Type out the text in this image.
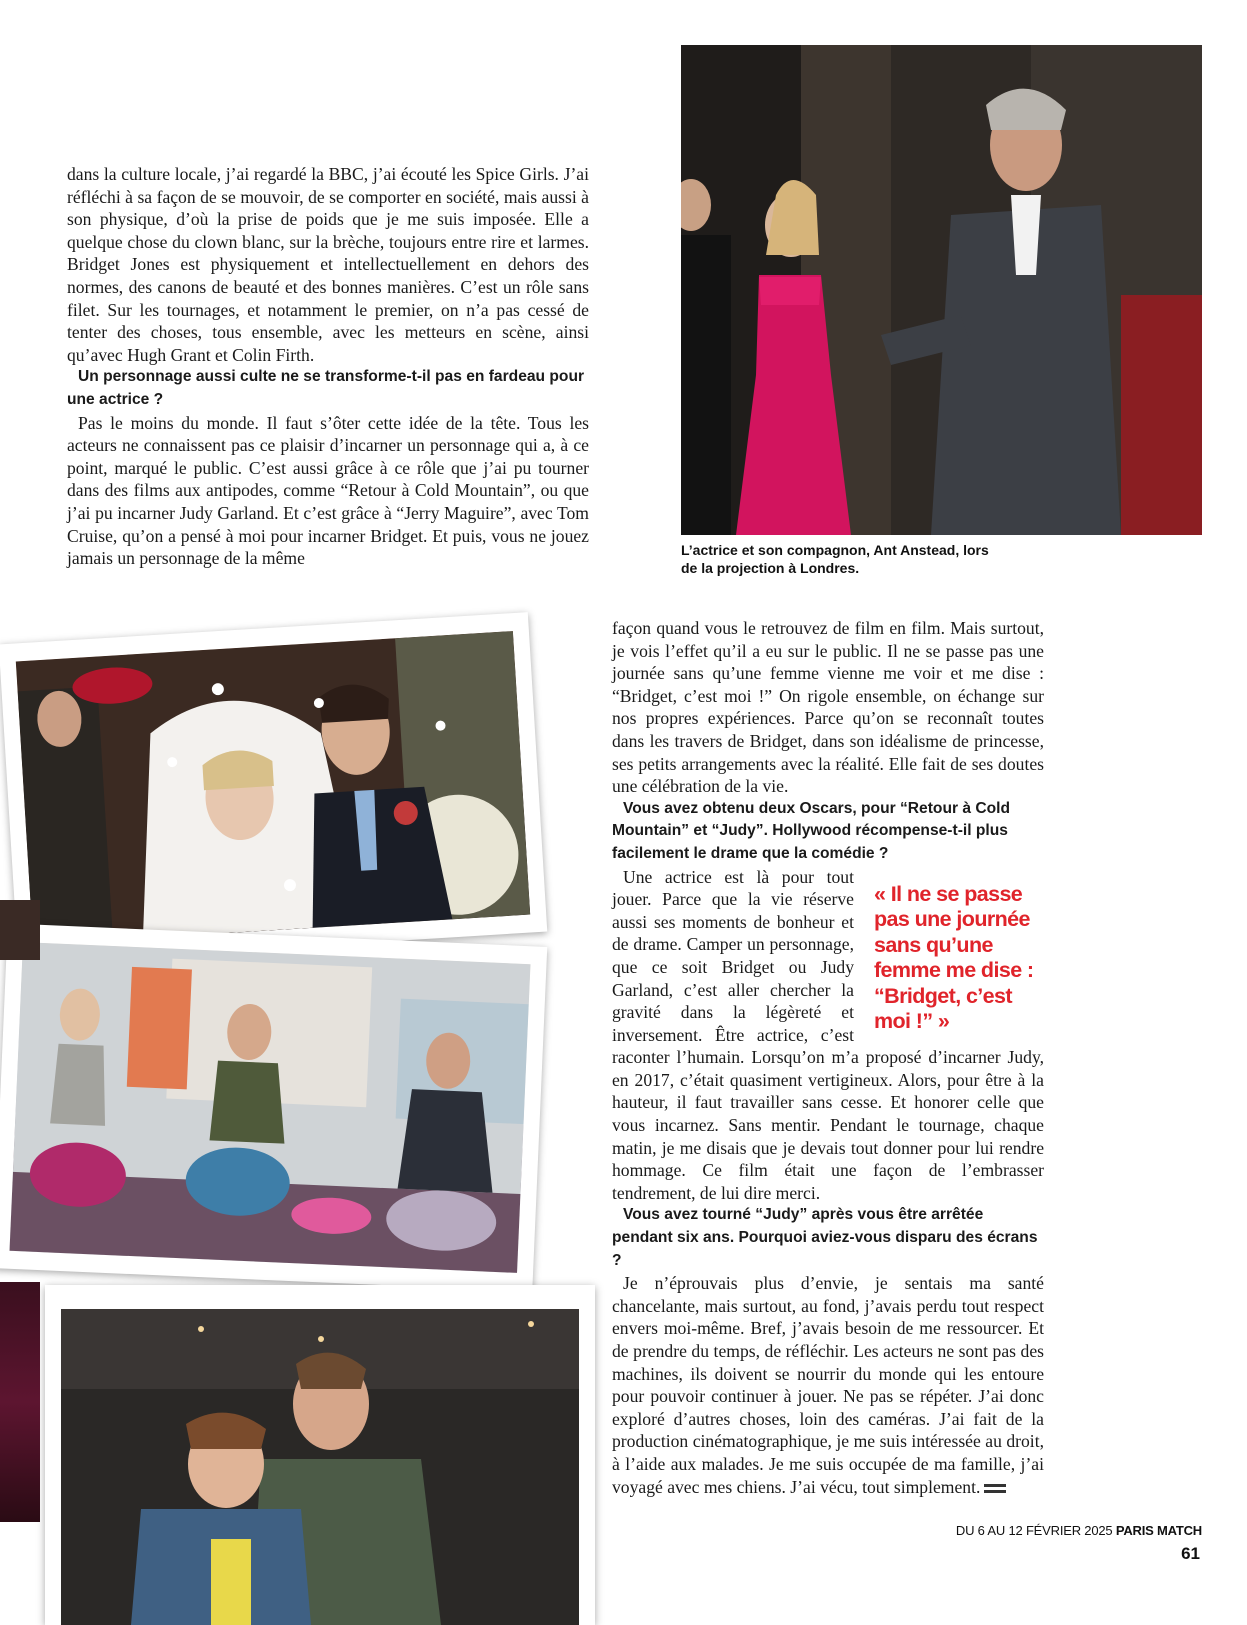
dans la culture locale, j’ai regardé la BBC, j’ai écouté les Spice Girls. J’ai réfléchi à sa façon de se mouvoir, de se comporter en société, mais aussi à son physique, d’où la prise de poids que je me suis imposée. Elle a quelque chose du clown blanc, sur la brèche, toujours entre rire et larmes. Bridget Jones est physiquement et intellectuellement en dehors des normes, des canons de beauté et des bonnes manières. C’est un rôle sans filet. Sur les tournages, et notamment le premier, on n’a pas cessé de tenter des choses, tous ensemble, avec les metteurs en scène, ainsi qu’avec Hugh Grant et Colin Firth.

Un personnage aussi culte ne se transforme-t-il pas en fardeau pour une actrice ?

Pas le moins du monde. Il faut s’ôter cette idée de la tête. Tous les acteurs ne connaissent pas ce plaisir d’incarner un personnage qui a, à ce point, marqué le public. C’est aussi grâce à ce rôle que j’ai pu tourner dans des films aux antipodes, comme “Retour à Cold Mountain”, ou que j’ai pu incarner Judy Garland. Et c’est grâce à “Jerry Maguire”, avec Tom Cruise, qu’on a pensé à moi pour incarner Bridget. Et puis, vous ne jouez jamais un personnage de la même	L’actrice et son compagnon, Ant Anstead, lors de la projection à Londres.

façon quand vous le retrouvez de film en film. Mais surtout, je vois l’effet qu’il a eu sur le public. Il ne se passe pas une journée sans qu’une femme vienne me voir et me dise : “Bridget, c’est moi !” On rigole ensemble, on échange sur nos propres expériences. Parce qu’on se reconnaît toutes dans les travers de Bridget, dans son idéalisme de princesse, ses petits arrangements avec la réalité. Elle fait de ses doutes une célébration de la vie.

Vous avez obtenu deux Oscars, pour “Retour à Cold Mountain” et “Judy”. Hollywood récompense-t-il plus facilement le drame que la comédie ?

« Il ne se passe pas une journée sans qu’une femme me dise : “Bridget, c’est moi !” »

Une actrice est là pour tout jouer. Parce que la vie réserve aussi ses moments de bonheur et de drame. Camper un personnage, que ce soit Bridget ou Judy Garland, c’est aller chercher la gravité dans la légèreté et inversement. Être actrice, c’est raconter l’humain. Lorsqu’on m’a proposé d’incarner Judy, en 2017, c’était quasiment vertigineux. Alors, pour être à la hauteur, il faut travailler sans cesse. Et honorer celle que vous incarnez. Sans mentir. Pendant le tournage, chaque matin, je me disais que je devais tout donner pour lui rendre hommage. Ce film était une façon de l’embrasser tendrement, de lui dire merci.

Vous avez tourné “Judy” après vous être arrêtée pendant six ans. Pourquoi aviez-vous disparu des écrans ?

Je n’éprouvais plus d’envie, je sentais ma santé chancelante, mais surtout, au fond, j’avais perdu tout respect envers moi-même. Bref, j’avais besoin de me ressourcer. Et de prendre du temps, de réfléchir. Les acteurs ne sont pas des machines, ils doivent se nourrir du monde qui les entoure pour pouvoir continuer à jouer. Ne pas se répéter. J’ai donc exploré d’autres choses, loin des caméras. J’ai fait de la production cinématographique, je me suis intéressée au droit, à l’aide aux malades. Je me suis occupée de ma famille, j’ai voyagé avec mes chiens. J’ai vécu, tout simplement.

DU 6 AU 12 FÉVRIER 2025 PARIS MATCH
61
